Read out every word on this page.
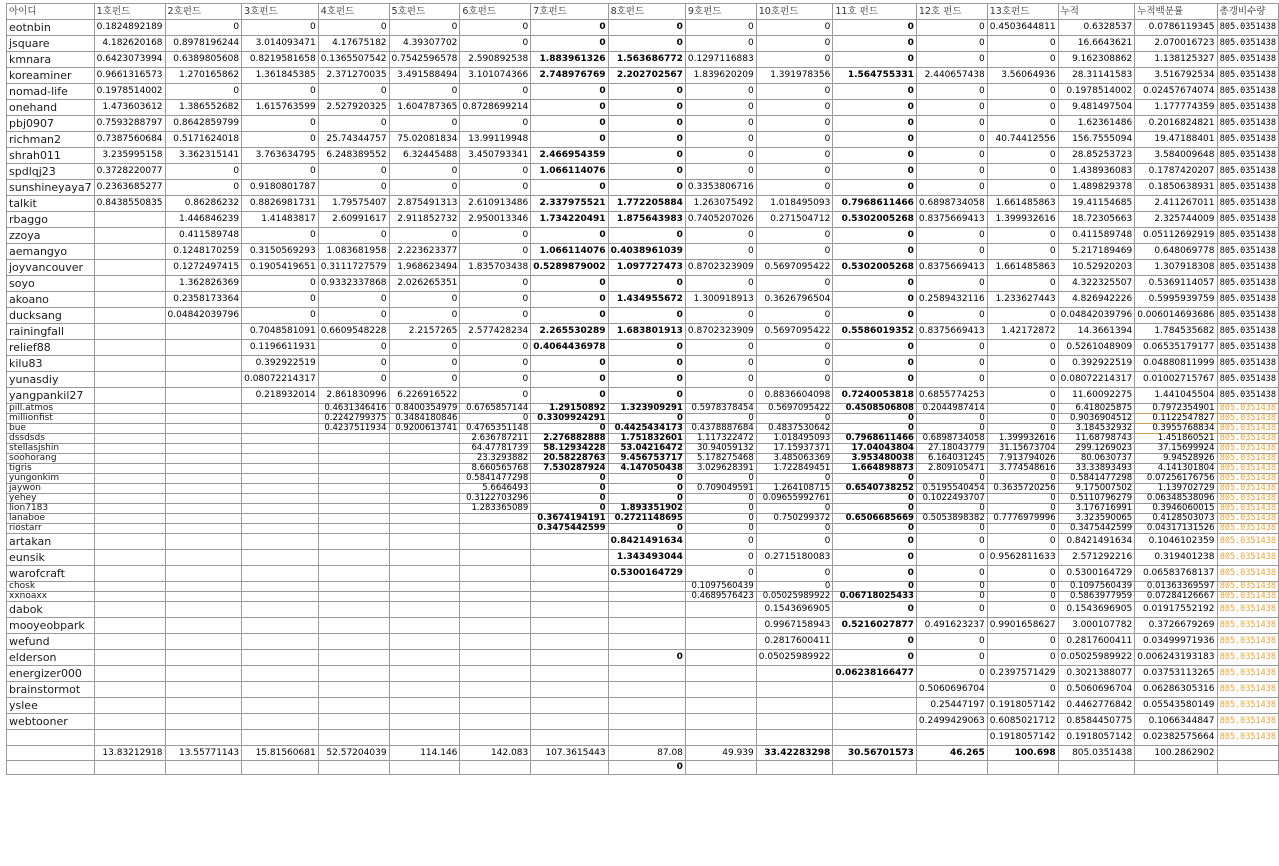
아이디	1호펀드	2호펀드	3호펀드	4호펀드	5호펀드	6호펀드	7호펀드	8호펀드	9호펀드	10호펀드	11호 펀드	12호 펀드	13호펀드	누적	누적백분률	총갱비수량
eotnbin	0.1824892189	0	0	0	0	0	0	0	0	0	0	0	0.4503644811	0.6328537	0.0786119345	805.0351438
jsquare	4.182620168	0.8978196244	3.014093471	4.17675182	4.39307702	0	0	0	0	0	0	0	0	16.6643621	2.070016723	805.0351438
kmnara	0.6423073994	0.6389805608	0.8219581658	0.1365507542	0.7542596578	2.590892538	1.883961326	1.563686772	0.1297116883	0	0	0	0	9.162308862	1.138125327	805.0351438
koreaminer	0.9661316573	1.270165862	1.361845385	2.371270035	3.491588494	3.101074366	2.748976769	2.202702567	1.839620209	1.391978356	1.564755331	2.440657438	3.56064936	28.31141583	3.516792534	805.0351438
nomad-life	0.1978514002	0	0	0	0	0	0	0	0	0	0	0	0	0.1978514002	0.02457674074	805.0351438
onehand	1.473603612	1.386552682	1.615763599	2.527920325	1.604787365	0.8728699214	0	0	0	0	0	0	0	9.481497504	1.177774359	805.0351438
pbj0907	0.7593288797	0.8642859799	0	0	0	0	0	0	0	0	0	0	0	1.62361486	0.2016824821	805.0351438
richman2	0.7387560684	0.5171624018	0	25.74344757	75.02081834	13.99119948	0	0	0	0	0	0	40.74412556	156.7555094	19.47188401	805.0351438
shrah011	3.235995158	3.362315141	3.763634795	6.248389552	6.32445488	3.450793341	2.466954359	0	0	0	0	0	0	28.85253723	3.584009648	805.0351438
spdlqj23	0.3728220077	0	0	0	0	0	1.066114076	0	0	0	0	0	0	1.438936083	0.1787420207	805.0351438
sunshineyaya7	0.2363685277	0	0.9180801787	0	0	0	0	0	0.3353806716	0	0	0	0	1.489829378	0.1850638931	805.0351438
talkit	0.8438550835	0.86286232	0.8826981731	1.79575407	2.875491313	2.610913486	2.337975521	1.772205884	1.263075492	1.018495093	0.7968611466	0.6898734058	1.661485863	19.41154685	2.411267011	805.0351438
rbaggo		1.446846239	1.41483817	2.60991617	2.911852732	2.950013346	1.734220491	1.875643983	0.7405207026	0.271504712	0.5302005268	0.8375669413	1.399932616	18.72305663	2.325744009	805.0351438
zzoya		0.411589748	0	0	0	0	0	0	0	0	0	0	0	0.411589748	0.05112692919	805.0351438
aemangyo		0.1248170259	0.3150569293	1.083681958	2.223623377	0	1.066114076	0.4038961039	0	0	0	0	0	5.217189469	0.648069778	805.0351438
joyvancouver		0.1272497415	0.1905419651	0.3111727579	1.968623494	1.835703438	0.5289879002	1.097727473	0.8702323909	0.5697095422	0.5302005268	0.8375669413	1.661485863	10.52920203	1.307918308	805.0351438
soyo		1.362826369	0	0.9332337868	2.026265351	0	0	0	0	0	0	0	0	4.322325507	0.5369114057	805.0351438
akoano		0.2358173364	0	0	0	0	0	1.434955672	1.300918913	0.3626796504	0	0.2589432116	1.233627443	4.826942226	0.5995939759	805.0351438
ducksang		0.04842039796	0	0	0	0	0	0	0	0	0	0	0	0.04842039796	0.006014693686	805.0351438
rainingfall			0.7048581091	0.6609548228	2.2157265	2.577428234	2.265530289	1.683801913	0.8702323909	0.5697095422	0.5586019352	0.8375669413	1.42172872	14.3661394	1.784535682	805.0351438
relief88			0.1196611931	0	0	0	0.4064436978	0	0	0	0	0	0	0.5261048909	0.06535179177	805.0351438
kilu83			0.392922519	0	0	0	0	0	0	0	0	0	0	0.392922519	0.04880811999	805.0351438
yunasdiy			0.08072214317	0	0	0	0	0	0	0	0	0	0	0.08072214317	0.01002715767	805.0351438
yangpankil27			0.218932014	2.861830996	6.226916522	0	0	0	0	0.8836604098	0.7240053818	0.6855774253	0	11.60092275	1.441045504	805.0351438
pill.atmos				0.4631346416	0.8400354979	0.6765857144	1.29150892	1.323909291	0.5978378454	0.5697095422	0.4508506808	0.2044987414	0	6.418025875	0.7972354901	805.0351438
millionfist				0.2242799375	0.3484180846	0	0.3309924291	0	0	0	0	0	0	0.9036904512	0.1122547827	805.0351438
bue				0.4237511934	0.9200613741	0.4765351148	0	0.4425434173	0.4378887684	0.4837530642	0	0	0	3.184532932	0.3955768834	805.0351438
dssdsds						2.636787211	2.276882888	1.751832601	1.117322472	1.018495093	0.7968611466	0.6898734058	1.399932616	11.68798743	1.451860521	805.0351438
stellasjshin						64.47781739	58.12934228	53.04216472	30.94059132	17.15937371	17.04043804	27.18043779	31.15673704	299.1269023	37.15699924	805.0351438
soohorang						23.3293882	20.58228763	9.456753717	5.178275468	3.485063369	3.953480038	6.164031245	7.913794026	80.0630737	9.94528926	805.0351438
tigris						8.660565768	7.530287924	4.147050438	3.029628391	1.722849451	1.664898873	2.809105471	3.774548616	33.33893493	4.141301804	805.0351438
yungonkim						0.5841477298	0	0	0	0	0	0	0	0.5841477298	0.07256176756	805.0351438
jaywon						5.6646493	0	0	0.709049591	1.264108715	0.6540738252	0.5195540454	0.3635720256	9.175007502	1.139702729	805.0351438
yehey						0.3122703296	0	0	0	0.09655992761	0	0.1022493707	0	0.5110796279	0.06348538096	805.0351438
lion7183						1.283365089	0	1.893351902	0	0	0	0	0	3.176716991	0.3946060015	805.0351438
lanaboe							0.3674194191	0.2721148695	0	0.750299372	0.6506685669	0.5053898382	0.7776979996	3.323590065	0.4128503073	805.0351438
riostarr							0.3475442599	0	0	0	0	0	0	0.3475442599	0.04317131526	805.0351438
artakan								0.8421491634	0	0	0	0	0	0.8421491634	0.1046102359	805.0351438
eunsik								1.343493044	0	0.2715180083	0	0	0.9562811633	2.571292216	0.319401238	805.0351438
warofcraft								0.5300164729	0	0	0	0	0	0.5300164729	0.06583768137	805.0351438
chosk									0.1097560439	0	0	0	0	0.1097560439	0.01363369597	805.0351438
xxnoaxx									0.4689576423	0.05025989922	0.06718025433	0	0	0.5863977959	0.07284126667	805.0351438
dabok										0.1543696905	0	0	0	0.1543696905	0.01917552192	805.0351438
mooyeobpark										0.9967158943	0.5216027877	0.491623237	0.9901658627	3.000107782	0.3726679269	805.0351438
wefund										0.2817600411	0	0	0	0.2817600411	0.03499971936	805.0351438
elderson								0		0.05025989922	0	0	0	0.05025989922	0.006243193183	805.0351438
energizer000											0.06238166477	0	0.2397571429	0.3021388077	0.03753113265	805.0351438
brainstormot												0.5060696704	0	0.5060696704	0.06286305316	805.0351438
yslee												0.25447197	0.1918057142	0.4462776842	0.05543580149	805.0351438
webtooner												0.2499429063	0.6085021712	0.8584450775	0.1066344847	805.0351438
													0.1918057142	0.1918057142	0.02382575664	805.0351438
	13.83212918	13.55771143	15.81560681	52.57204039	114.146	142.083	107.3615443	87.08	49.939	33.42283298	30.56701573	46.265	100.698	805.0351438	100.2862902	
								0								
